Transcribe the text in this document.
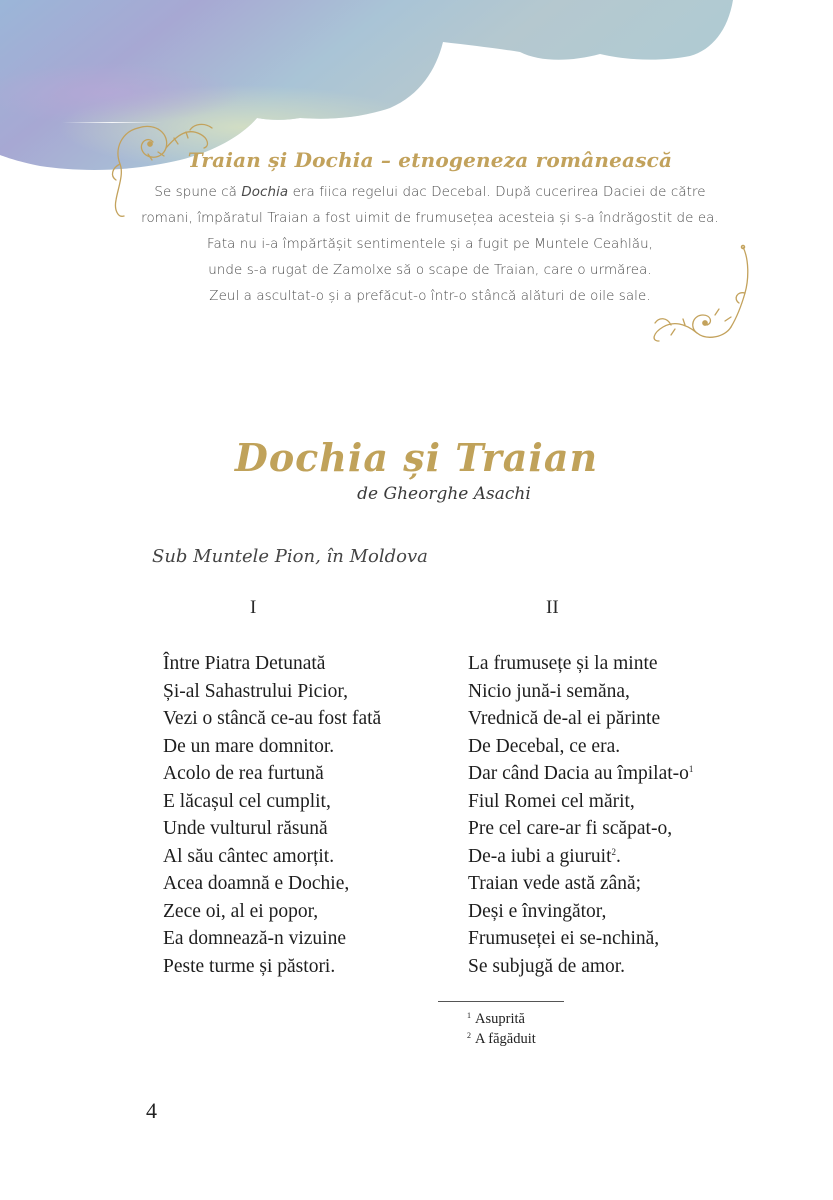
Traian și Dochia – etnogeneza românească

Se spune că Dochia era fiica regelui dac Decebal. După cucerirea Daciei de către

romani, împăratul Traian a fost uimit de frumusețea acesteia și s-a îndrăgostit de ea.

Fata nu i-a împărtășit sentimentele și a fugit pe Muntele Ceahlău,

unde s-a rugat de Zamolxe să o scape de Traian, care o urmărea.

Zeul a ascultat-o și a prefăcut-o într-o stâncă alături de oile sale.

Dochia și Traian
de Gheorghe Asachi
Sub Muntele Pion, în Moldova
I	II
Între Piatra Detunată
Și-al Sahastrului Picior,
Vezi o stâncă ce-au fost fată
De un mare domnitor.
Acolo de rea furtună
E lăcașul cel cumplit,
Unde vulturul răsună
Al său cântec amorțit.
Acea doamnă e Dochie,
Zece oi, al ei popor,
Ea domnează-n vizuine
Peste turme și păstori.
La frumusețe și la minte
Nicio jună-i semăna,
Vrednică de-al ei părinte
De Decebal, ce era.
Dar când Dacia au împilat-$o^1$
Fiul Romei cel mărit,
Pre cel care-ar fi scăpat-o,
De-a iubi a giuruit$^2$.
Traian vede astă zână;
Deși e învingător,
Frumuseței ei se-nchină,
Se subjugă de amor.
$^1$ Asuprită
$^2$ A făgăduit
4
